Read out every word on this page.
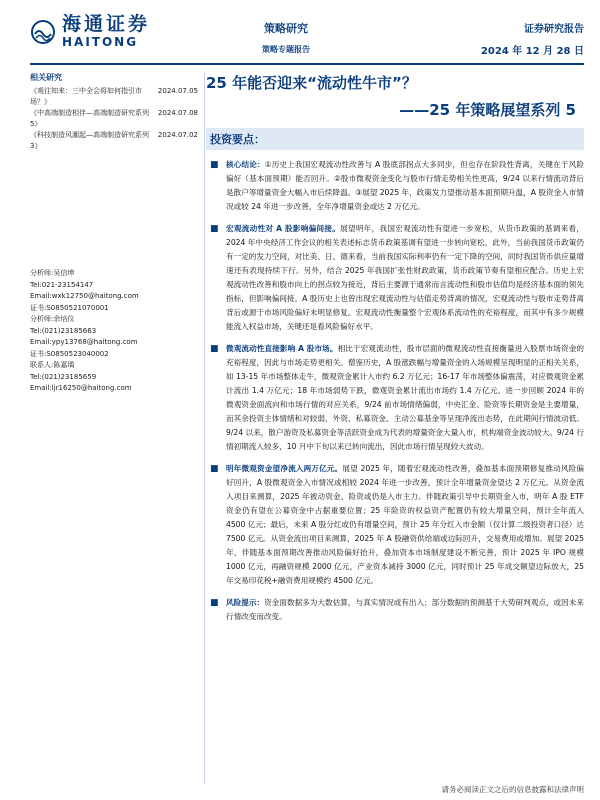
海通证券
HAITONG
策略研究
策略专题报告
证券研究报告
2024 年 12 月 28 日
相关研究
《观往知来：三中全会将如何指引市场？》
2024.07.05
《中高端制造相伴—高端制造研究系列 5》
2024.07.08
《科技制造风潮起—高端制造研究系列 3》
2024.07.02
分析师:吴信坤
Tel:021-23154147
Email:wxk12750@haitong.com
证书:S0850521070001
分析师:余培仪
Tel:(021)23185663
Email:ypy13768@haitong.com
证书:S0850523040002
联系人:陈嘉瑀
Tel:(021)23185659
Email:ljr16250@haitong.com
25 年能否迎来“流动性牛市”？
——25 年策略展望系列 5
投资要点：
■ 核心结论：①历史上我国宏观流动性改善与 A 股底部拐点大多同步，但也存在阶段性背离，关键在于风险偏好（基本面预期）能否回升。②股市微观资金变化与股市行情走势相关性更高，9/24 以来行情流动背后是散户等增量资金大幅入市后续降温。③展望 2025 年，政策发力望推动基本面预期升温，A 股资金入市情况或较 24 年进一步改善，全年净增量资金或达 2 万亿元。
■ 宏观流动性对 A 股影响偏间接。展望明年，我国宏观流动性有望进一步宽松，从货币政策的基调来看，2024 年中央经济工作会议的相关表述标志货币政策基调有望进一步转向宽松，此外，当前我国货币政策仍有一定的发力空间，对比美、日、德来看，当前我国实际利率仍有一定下降的空间，同时我国货币供应量增速还有表现持续下行。另外，结合 2025 年我国扩张性财政政策，货币政策节奏有望相应配合。历史上宏观流动性改善和股市向上的拐点较为接近，背后主要源于通常而言流动性和股市估值均是经济基本面的领先指标，但影响偏间接。A 股历史上也曾出现宏观流动性与估值走势背离的情况，宏观流动性与股市走势背离背后或源于市场风险偏好未明显修复。宏观流动性衡量整个宏观体系流动性的充裕程度，而其中有多少规模能流入权益市场，关键还是看风险偏好水平。
■ 微观流动性直接影响 A 股市场。相比于宏观流动性，股市层面的微观流动性直接衡量进入股票市场资金的充裕程度，因此与市场走势更相关。僧鉴历史，A 股涨跌幅与增量资金的入场规模呈现明显的正相关关系，如 13-15 年市场整体走牛，微观资金累计入市约 6.2 万亿元；16-17 年市场整体偏震荡，对应微观资金累计流出 1.4 万亿元；18 年市场弱势下跌，微观资金累计流出市场约 1.4 万亿元。进一步回顾 2024 年的微观资金面流向和市场行情的对应关系，9/24 前市场情绪偏弱，中央汇金、险资等长期资金是主要增量，而其余投资主体情绪和对较弱，外资、私募资金、主动公募基金等呈现净流出态势，在此期间行情波动低。9/24 以来，散户游资及私募资金等活跃资金成为代表的增量资金大量入市，机构端资金波动较大。9/24 行情初期流入较多，10 月中下旬以来已转向流出，因此市场行情呈现较大波动。
■ 明年微观资金望净流入两万亿元。展望 2025 年，随着宏观流动性改善，叠加基本面预期修复推动风险偏好回升，A 股微观资金入市情况或相较 2024 年进一步改善，预计全年增量资金望达 2 万亿元。从资金流入项目来测算，2025 年被动资金、险资或仍是入市主力。伴随政策引导中长期资金入市，明年 A 股 ETF 资金仍有望在公募资金中占据重要位置；25 年险资的权益资产配置仍有较大增量空间，预计全年流入 4500 亿元；最后，未来 A 股分红或仍有增量空间，预计 25 年分红入市金额（仅计算二级投资者口径）达 7500 亿元。从资金流出项目来测算，2025 年 A 股融资供给端或边际回升，交易费用或增加。展望 2025 年，伴随基本面预期改善推动风险偏好抬升，叠加资本市场制度建设不断完善，预计 2025 年 IPO 规模 1000 亿元，再融资规模 2000 亿元，产业资本减持 3000 亿元，同时预计 25 年成交额望边际放大，25 年交易印花税+融资费用规模约 4500 亿元。
■ 风险提示：资金面数据多为大数估算，与真实情况或有出入；部分数据的预测基于大势研判观点，或因未来行情改变而改变。
请务必阅读正文之后的信息披露和法律声明
